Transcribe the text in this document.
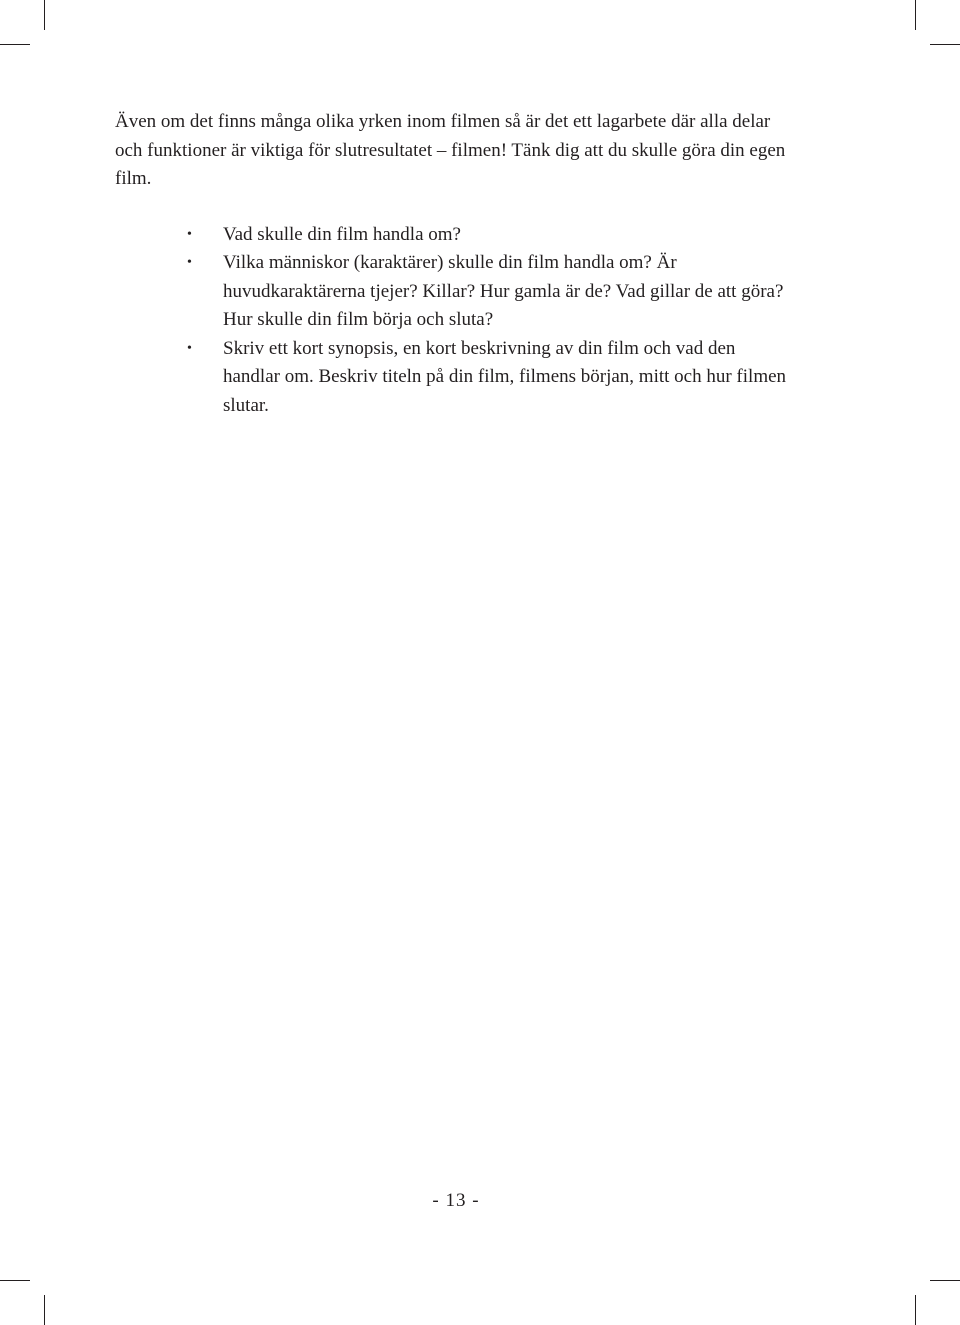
Även om det finns många olika yrken inom filmen så är det ett lagarbete där alla delar och funktioner är viktiga för slutresultatet – filmen! Tänk dig att du skulle göra din egen film.

• Vad skulle din film handla om?
• Vilka människor (karaktärer) skulle din film handla om? Är huvudkaraktärerna tjejer? Killar? Hur gamla är de? Vad gillar de att göra? Hur skulle din film börja och sluta?
• Skriv ett kort synopsis, en kort beskrivning av din film och vad den handlar om. Beskriv titeln på din film, filmens början, mitt och hur filmen slutar.
- 13 -
